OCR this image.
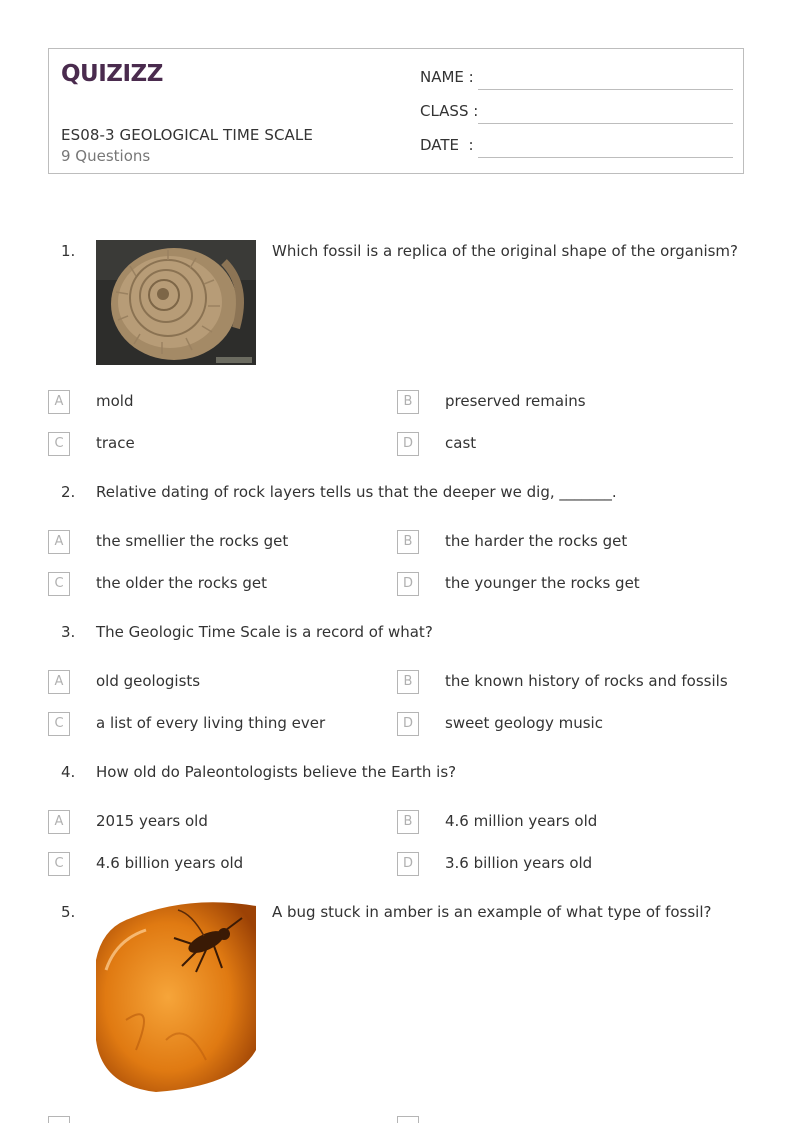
QUIZIZZ
ES08-3 GEOLOGICAL TIME SCALE
9 Questions
NAME :
CLASS :
DATE  :
1.	Which fossil is a replica of the original shape of the organism?
A	mold	B	preserved remains
C	trace	D	cast
2. Relative dating of rock layers tells us that the deeper we dig, _______.
A	the smellier the rocks get	B	the harder the rocks get
C	the older the rocks get	D	the younger the rocks get
3. The Geologic Time Scale is a record of what?
A	old geologists	B	the known history of rocks and fossils
C	a list of every living thing ever	D	sweet geology music
4. How old do Paleontologists believe the Earth is?
A	2015 years old	B	4.6 million years old
C	4.6 billion years old	D	3.6 billion years old
5.	A bug stuck in amber is an example of what type of fossil?
